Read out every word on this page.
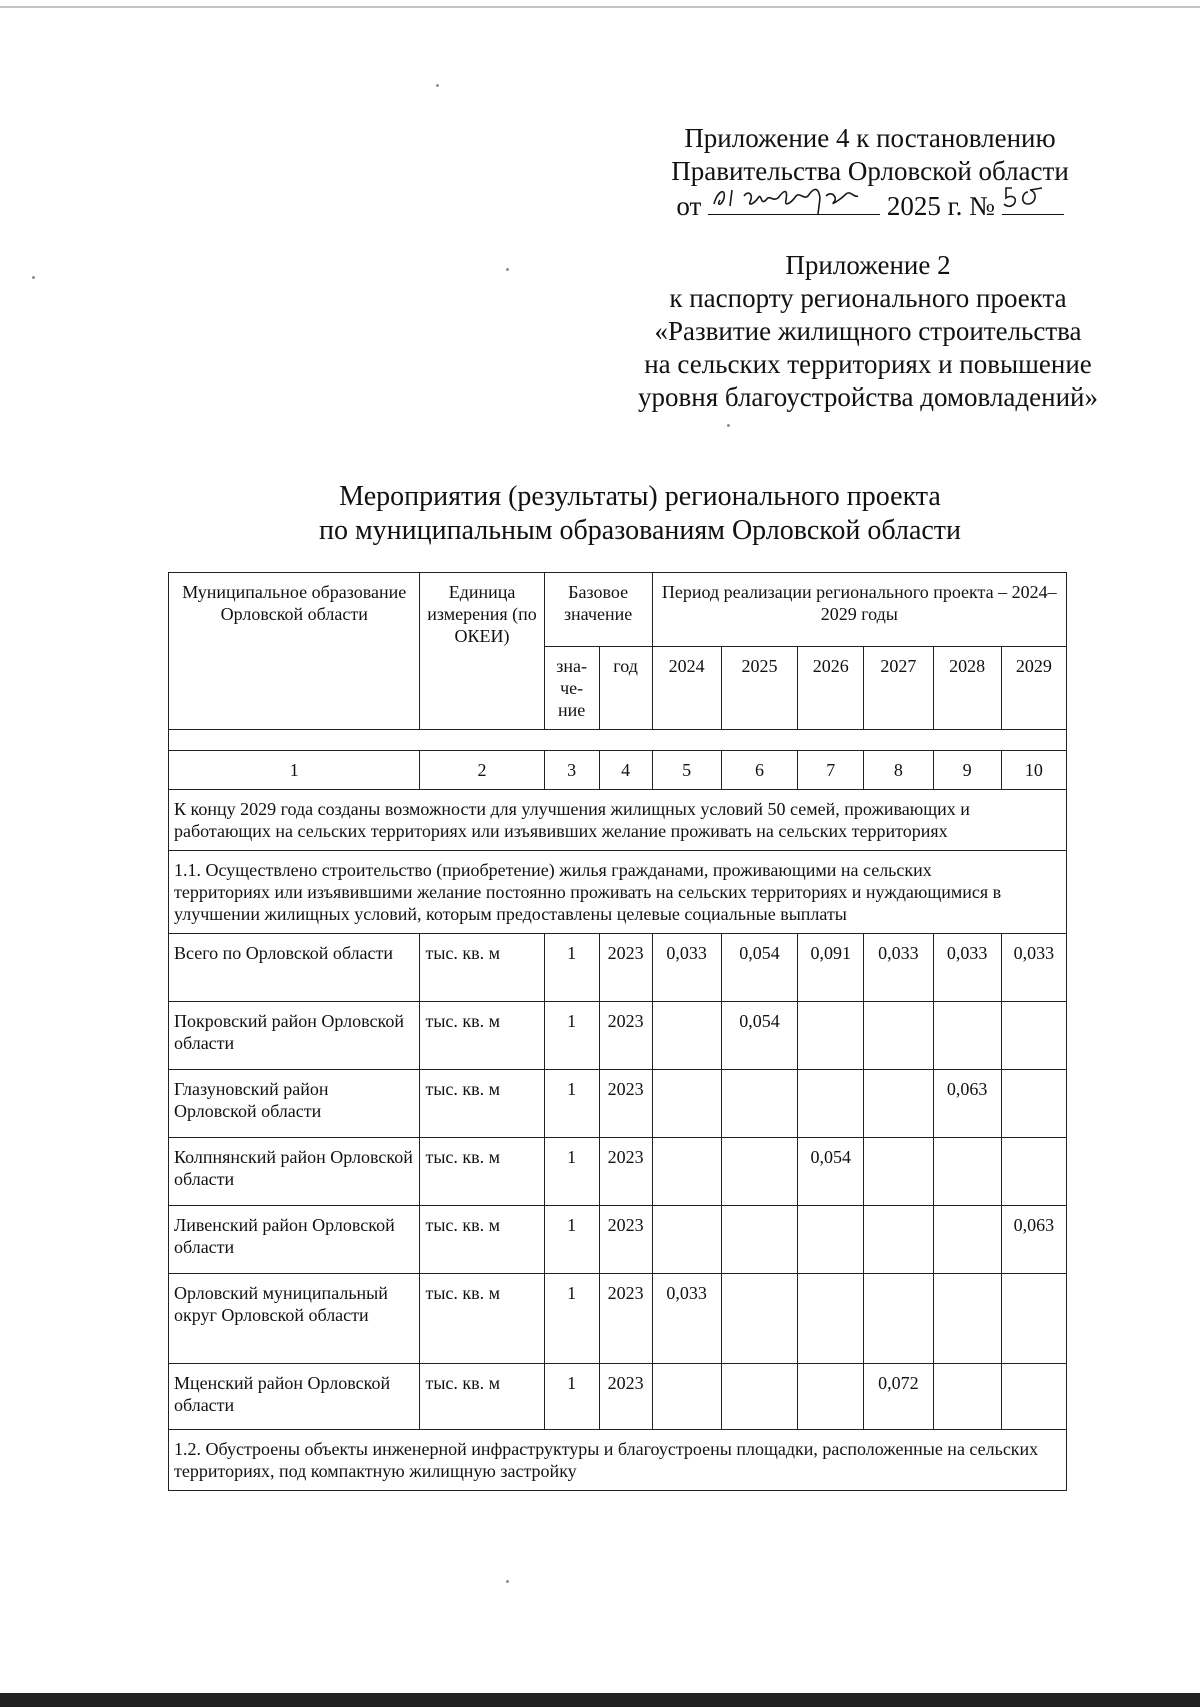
Приложение 4 к постановлению
Правительства Орловской области
от	2025 г. №
Приложение 2
к паспорту регионального проекта
«Развитие жилищного строительства
на сельских территориях и повышение
уровня благоустройства домовладений»
Мероприятия (результаты) регионального проекта
по муниципальным образованиям Орловской области
Муниципальное образование Орловской области	Единица измерения (по ОКЕИ)	Базовое значение		Период реализации регионального проекта – 2024–2029 годы					
		зна-че-ние	год	2024	2025	2026	2027	2028	2029

1	2	3	4	5	6	7	8	9	10
К концу 2029 года созданы возможности для улучшения жилищных условий 50 семей, проживающих и работающих на сельских территориях или изъявивших желание проживать на сельских территориях									
1.1. Осуществлено строительство (приобретение) жилья гражданами, проживающими на сельских территориях или изъявившими желание постоянно проживать на сельских территориях и нуждающимися в улучшении жилищных условий, которым предоставлены целевые социальные выплаты									
Всего по Орловской области	тыс. кв. м	1	2023	0,033	0,054	0,091	0,033	0,033	0,033
Покровский район Орловской области	тыс. кв. м	1	2023		0,054				
Глазуновский район Орловской области	тыс. кв. м	1	2023					0,063	
Колпнянский район Орловской области	тыс. кв. м	1	2023			0,054			
Ливенский район Орловской области	тыс. кв. м	1	2023						0,063
Орловский муниципальный округ Орловской области	тыс. кв. м	1	2023	0,033					
Мценский район Орловской области	тыс. кв. м	1	2023				0,072		
1.2. Обустроены объекты инженерной инфраструктуры и благоустроены площадки, расположенные на сельских территориях, под компактную жилищную застройку									
